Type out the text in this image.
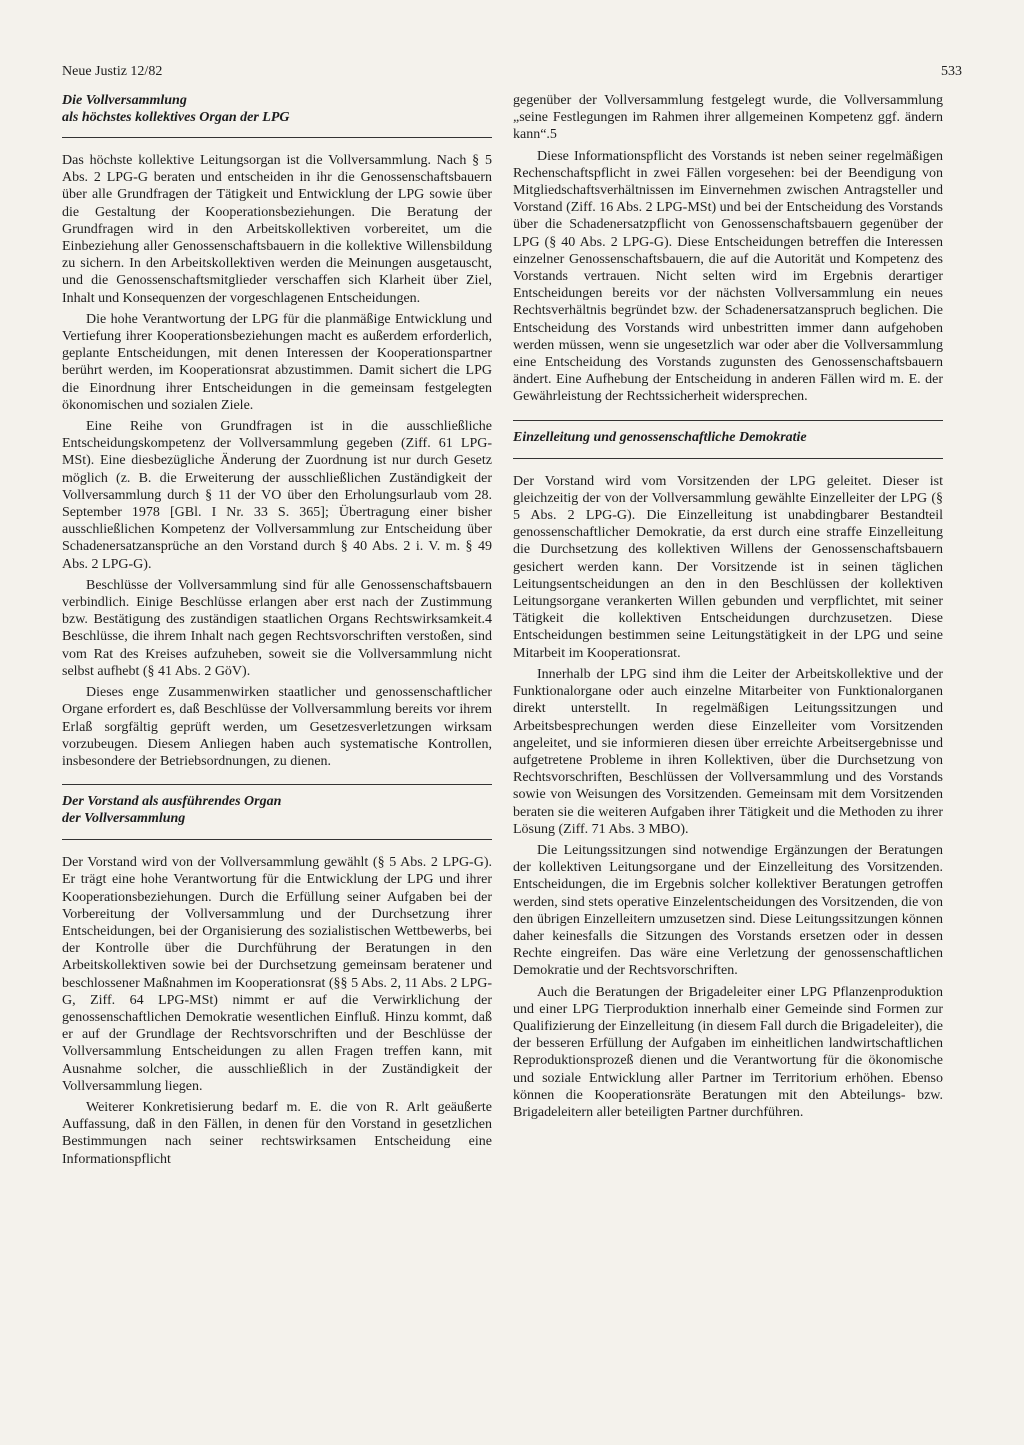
Neue Justiz 12/82	533
Die Vollversammlung
als höchstes kollektives Organ der LPG

Das höchste kollektive Leitungsorgan ist die Vollversammlung. Nach § 5 Abs. 2 LPG-G beraten und entscheiden in ihr die Genossenschaftsbauern über alle Grundfragen der Tätigkeit und Entwicklung der LPG sowie über die Gestaltung der Kooperationsbeziehungen. Die Beratung der Grundfragen wird in den Arbeitskollektiven vorbereitet, um die Einbeziehung aller Genossenschaftsbauern in die kollektive Willensbildung zu sichern. In den Arbeitskollektiven werden die Meinungen ausgetauscht, und die Genossenschaftsmitglieder verschaffen sich Klarheit über Ziel, Inhalt und Konsequenzen der vorgeschlagenen Entscheidungen.

Die hohe Verantwortung der LPG für die planmäßige Entwicklung und Vertiefung ihrer Kooperationsbeziehungen macht es außerdem erforderlich, geplante Entscheidungen, mit denen Interessen der Kooperationspartner berührt werden, im Kooperationsrat abzustimmen. Damit sichert die LPG die Einordnung ihrer Entscheidungen in die gemeinsam festgelegten ökonomischen und sozialen Ziele.

Eine Reihe von Grundfragen ist in die ausschließliche Entscheidungskompetenz der Vollversammlung gegeben (Ziff. 61 LPG-MSt). Eine diesbezügliche Änderung der Zuordnung ist nur durch Gesetz möglich (z. B. die Erweiterung der ausschließlichen Zuständigkeit der Vollversammlung durch § 11 der VO über den Erholungsurlaub vom 28. September 1978 [GBl. I Nr. 33 S. 365]; Übertragung einer bisher ausschließlichen Kompetenz der Vollversammlung zur Entscheidung über Schadenersatzansprüche an den Vorstand durch § 40 Abs. 2 i. V. m. § 49 Abs. 2 LPG-G).

Beschlüsse der Vollversammlung sind für alle Genossenschaftsbauern verbindlich. Einige Beschlüsse erlangen aber erst nach der Zustimmung bzw. Bestätigung des zuständigen staatlichen Organs Rechtswirksamkeit.4 Beschlüsse, die ihrem Inhalt nach gegen Rechtsvorschriften verstoßen, sind vom Rat des Kreises aufzuheben, soweit sie die Vollversammlung nicht selbst aufhebt (§ 41 Abs. 2 GöV).

Dieses enge Zusammenwirken staatlicher und genossenschaftlicher Organe erfordert es, daß Beschlüsse der Vollversammlung bereits vor ihrem Erlaß sorgfältig geprüft werden, um Gesetzesverletzungen wirksam vorzubeugen. Diesem Anliegen haben auch systematische Kontrollen, insbesondere der Betriebsordnungen, zu dienen.

Der Vorstand als ausführendes Organ
der Vollversammlung

Der Vorstand wird von der Vollversammlung gewählt (§ 5 Abs. 2 LPG-G). Er trägt eine hohe Verantwortung für die Entwicklung der LPG und ihrer Kooperationsbeziehungen. Durch die Erfüllung seiner Aufgaben bei der Vorbereitung der Vollversammlung und der Durchsetzung ihrer Entscheidungen, bei der Organisierung des sozialistischen Wettbewerbs, bei der Kontrolle über die Durchführung der Beratungen in den Arbeitskollektiven sowie bei der Durchsetzung gemeinsam beratener und beschlossener Maßnahmen im Kooperationsrat (§§ 5 Abs. 2, 11 Abs. 2 LPG-G, Ziff. 64 LPG-MSt) nimmt er auf die Verwirklichung der genossenschaftlichen Demokratie wesentlichen Einfluß. Hinzu kommt, daß er auf der Grundlage der Rechtsvorschriften und der Beschlüsse der Vollversammlung Entscheidungen zu allen Fragen treffen kann, mit Ausnahme solcher, die ausschließlich in der Zuständigkeit der Vollversammlung liegen.

Weiterer Konkretisierung bedarf m. E. die von R. Arlt geäußerte Auffassung, daß in den Fällen, in denen für den Vorstand in gesetzlichen Bestimmungen nach seiner rechtswirksamen Entscheidung eine Informationspflicht

gegenüber der Vollversammlung festgelegt wurde, die Vollversammlung „seine Festlegungen im Rahmen ihrer allgemeinen Kompetenz ggf. ändern kann“.5

Diese Informationspflicht des Vorstands ist neben seiner regelmäßigen Rechenschaftspflicht in zwei Fällen vorgesehen: bei der Beendigung von Mitgliedschaftsverhältnissen im Einvernehmen zwischen Antragsteller und Vorstand (Ziff. 16 Abs. 2 LPG-MSt) und bei der Entscheidung des Vorstands über die Schadenersatzpflicht von Genossenschaftsbauern gegenüber der LPG (§ 40 Abs. 2 LPG-G). Diese Entscheidungen betreffen die Interessen einzelner Genossenschaftsbauern, die auf die Autorität und Kompetenz des Vorstands vertrauen. Nicht selten wird im Ergebnis derartiger Entscheidungen bereits vor der nächsten Vollversammlung ein neues Rechtsverhältnis begründet bzw. der Schadenersatzanspruch beglichen. Die Entscheidung des Vorstands wird unbestritten immer dann aufgehoben werden müssen, wenn sie ungesetzlich war oder aber die Vollversammlung eine Entscheidung des Vorstands zugunsten des Genossenschaftsbauern ändert. Eine Aufhebung der Entscheidung in anderen Fällen wird m. E. der Gewährleistung der Rechtssicherheit widersprechen.

Einzelleitung und genossenschaftliche Demokratie

Der Vorstand wird vom Vorsitzenden der LPG geleitet. Dieser ist gleichzeitig der von der Vollversammlung gewählte Einzelleiter der LPG (§ 5 Abs. 2 LPG-G). Die Einzelleitung ist unabdingbarer Bestandteil genossenschaftlicher Demokratie, da erst durch eine straffe Einzelleitung die Durchsetzung des kollektiven Willens der Genossenschaftsbauern gesichert werden kann. Der Vorsitzende ist in seinen täglichen Leitungsentscheidungen an den in den Beschlüssen der kollektiven Leitungsorgane verankerten Willen gebunden und verpflichtet, mit seiner Tätigkeit die kollektiven Entscheidungen durchzusetzen. Diese Entscheidungen bestimmen seine Leitungstätigkeit in der LPG und seine Mitarbeit im Kooperationsrat.

Innerhalb der LPG sind ihm die Leiter der Arbeitskollektive und der Funktionalorgane oder auch einzelne Mitarbeiter von Funktionalorganen direkt unterstellt. In regelmäßigen Leitungssitzungen und Arbeitsbesprechungen werden diese Einzelleiter vom Vorsitzenden angeleitet, und sie informieren diesen über erreichte Arbeitsergebnisse und aufgetretene Probleme in ihren Kollektiven, über die Durchsetzung von Rechtsvorschriften, Beschlüssen der Vollversammlung und des Vorstands sowie von Weisungen des Vorsitzenden. Gemeinsam mit dem Vorsitzenden beraten sie die weiteren Aufgaben ihrer Tätigkeit und die Methoden zu ihrer Lösung (Ziff. 71 Abs. 3 MBO).

Die Leitungssitzungen sind notwendige Ergänzungen der Beratungen der kollektiven Leitungsorgane und der Einzelleitung des Vorsitzenden. Entscheidungen, die im Ergebnis solcher kollektiver Beratungen getroffen werden, sind stets operative Einzelentscheidungen des Vorsitzenden, die von den übrigen Einzelleitern umzusetzen sind. Diese Leitungssitzungen können daher keinesfalls die Sitzungen des Vorstands ersetzen oder in dessen Rechte eingreifen. Das wäre eine Verletzung der genossenschaftlichen Demokratie und der Rechtsvorschriften.

Auch die Beratungen der Brigadeleiter einer LPG Pflanzenproduktion und einer LPG Tierproduktion innerhalb einer Gemeinde sind Formen zur Qualifizierung der Einzelleitung (in diesem Fall durch die Brigadeleiter), die der besseren Erfüllung der Aufgaben im einheitlichen landwirtschaftlichen Reproduktionsprozeß dienen und die Verantwortung für die ökonomische und soziale Entwicklung aller Partner im Territorium erhöhen. Ebenso können die Kooperationsräte Beratungen mit den Abteilungs- bzw. Brigadeleitern aller beteiligten Partner durchführen.
